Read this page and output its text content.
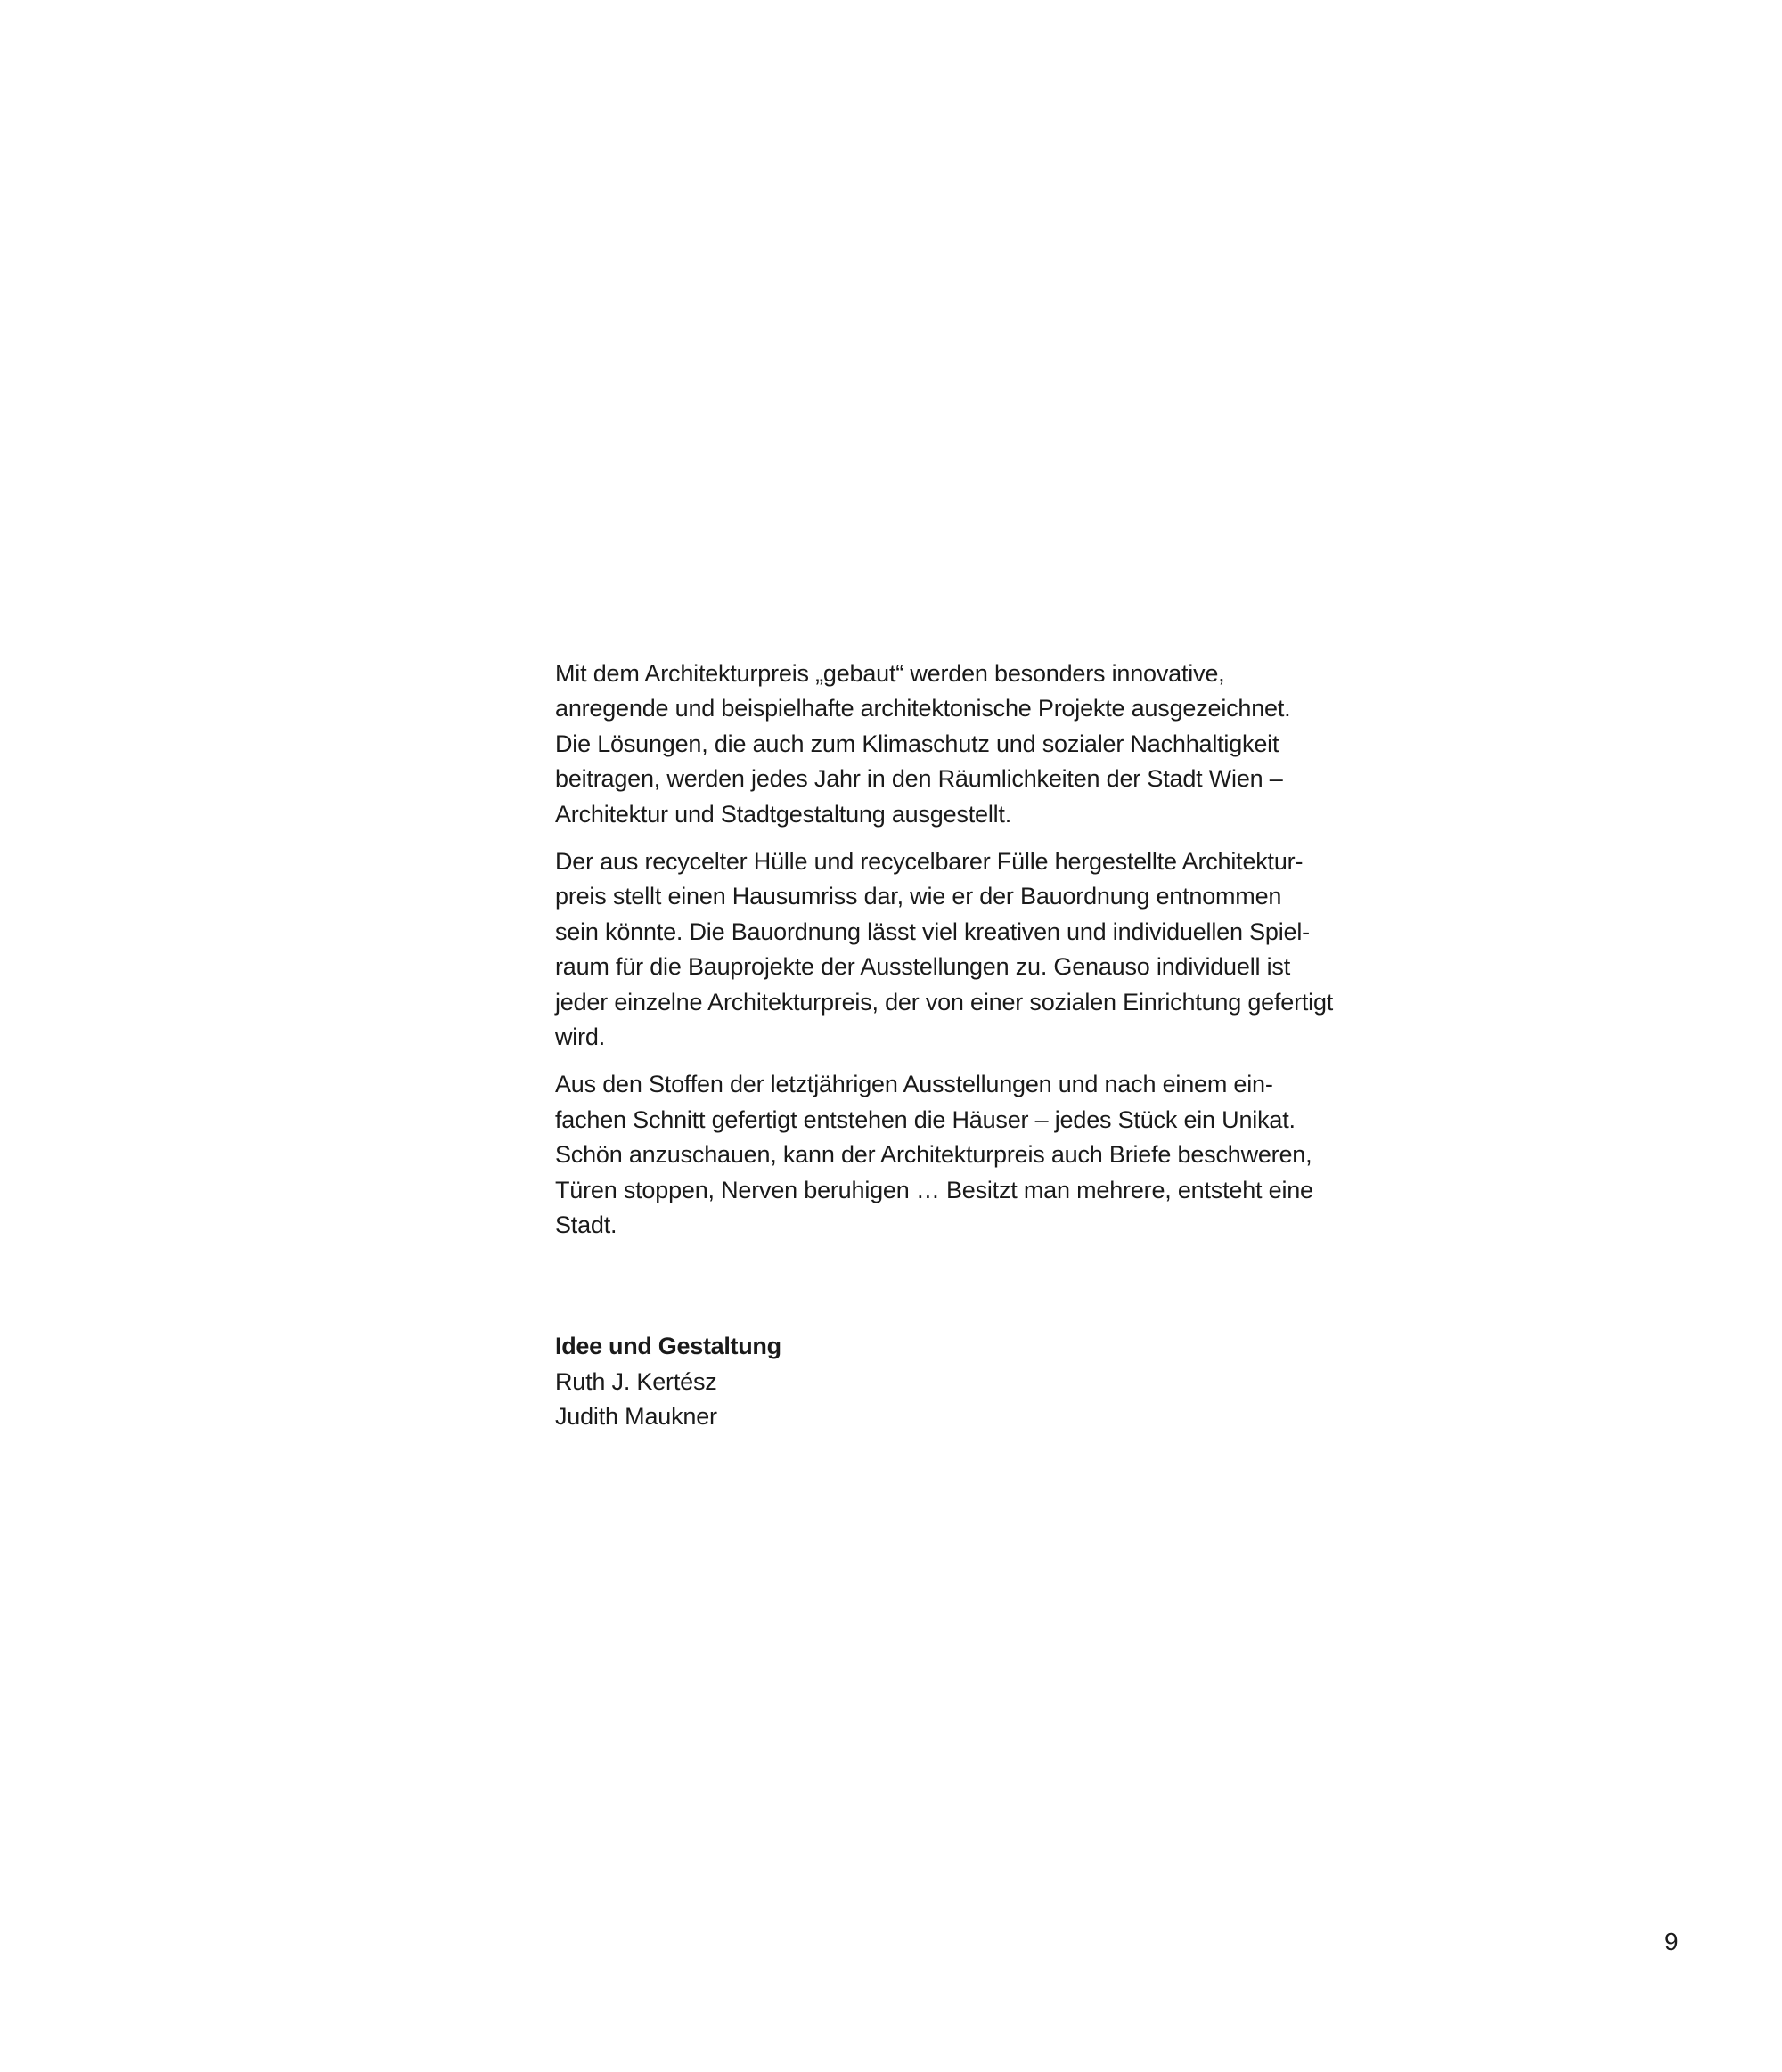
Mit dem Architekturpreis „gebaut“ werden besonders innovative,
anregende und beispielhafte architektonische Projekte ausgezeichnet.
Die Lösungen, die auch zum Klimaschutz und sozialer Nachhaltigkeit
beitragen, werden jedes Jahr in den Räumlichkeiten der Stadt Wien –
Architektur und Stadtgestaltung ausgestellt.

Der aus recycelter Hülle und recycelbarer Fülle hergestellte Architektur-
preis stellt einen Hausumriss dar, wie er der Bauordnung entnommen
sein könnte. Die Bauordnung lässt viel kreativen und individuellen Spiel-
raum für die Bauprojekte der Ausstellungen zu. Genauso individuell ist
jeder einzelne Architekturpreis, der von einer sozialen Einrichtung gefertigt
wird.

Aus den Stoffen der letztjährigen Ausstellungen und nach einem ein-
fachen Schnitt gefertigt entstehen die Häuser – jedes Stück ein Unikat.
Schön anzuschauen, kann der Architekturpreis auch Briefe beschweren,
Türen stoppen, Nerven beruhigen … Besitzt man mehrere, entsteht eine
Stadt.

Idee und Gestaltung
Ruth J. Kertész
Judith Maukner
9
